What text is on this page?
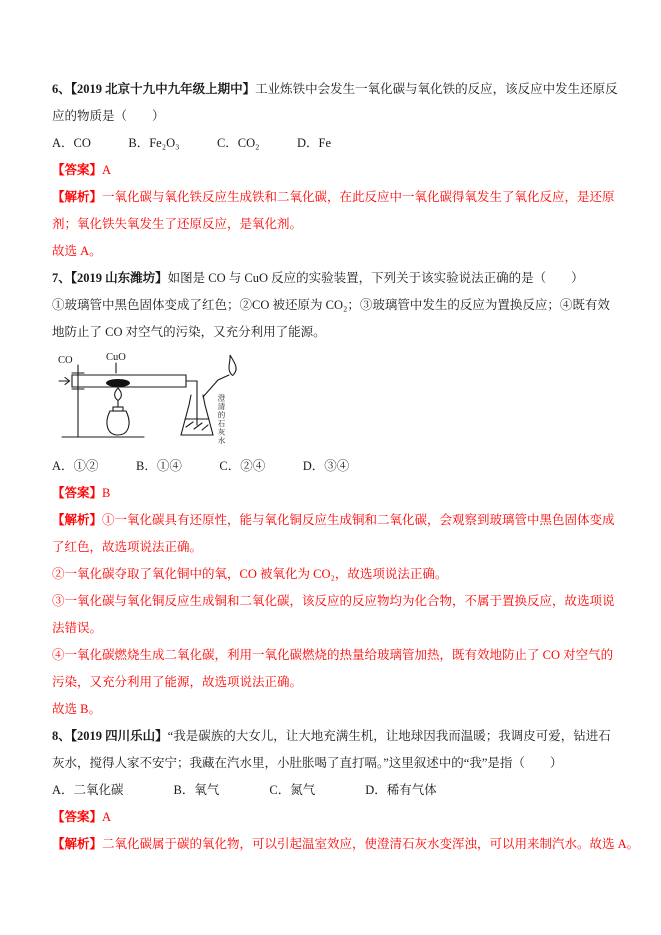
6、【2019 北京十九中九年级上期中】工业炼铁中会发生一氧化碳与氧化铁的反应，该反应中发生还原反应的物质是（　　）

A．CO　　　B．Fe₂O₃　　　C．CO₂　　　D．Fe

【答案】A

【解析】一氧化碳与氧化铁反应生成铁和二氧化碳，在此反应中一氧化碳得氧发生了氧化反应，是还原剂；氧化铁失氧发生了还原反应，是氧化剂。

故选 A。

7、【2019 山东潍坊】如图是 CO 与 CuO 反应的实验装置，下列关于该实验说法正确的是（　　）

①玻璃管中黑色固体变成了红色；②CO 被还原为 CO₂；③玻璃管中发生的反应为置换反应；④既有效地防止了 CO 对空气的污染，又充分利用了能源。

CO	CuO
澄清的石灰水

A．①②　　　B．①④　　　C．②④　　　D．③④

【答案】B

【解析】①一氧化碳具有还原性，能与氧化铜反应生成铜和二氧化碳，会观察到玻璃管中黑色固体变成了红色，故选项说法正确。

②一氧化碳夺取了氧化铜中的氧，CO 被氧化为 CO₂，故选项说法正确。

③一氧化碳与氧化铜反应生成铜和二氧化碳，该反应的反应物均为化合物，不属于置换反应，故选项说法错误。

④一氧化碳燃烧生成二氧化碳，利用一氧化碳燃烧的热量给玻璃管加热，既有效地防止了 CO 对空气的污染，又充分利用了能源，故选项说法正确。

故选 B。

8、【2019 四川乐山】“我是碳族的大女儿，让大地充满生机，让地球因我而温暖；我调皮可爱，钻进石灰水，搅得人家不安宁；我藏在汽水里，小肚胀喝了直打嗝。”这里叙述中的“我”是指（　　）

A．二氧化碳　　　　B．氧气　　　　C．氮气　　　　D．稀有气体

【答案】A

【解析】二氧化碳属于碳的氧化物，可以引起温室效应，使澄清石灰水变浑浊，可以用来制汽水。故选 A。
